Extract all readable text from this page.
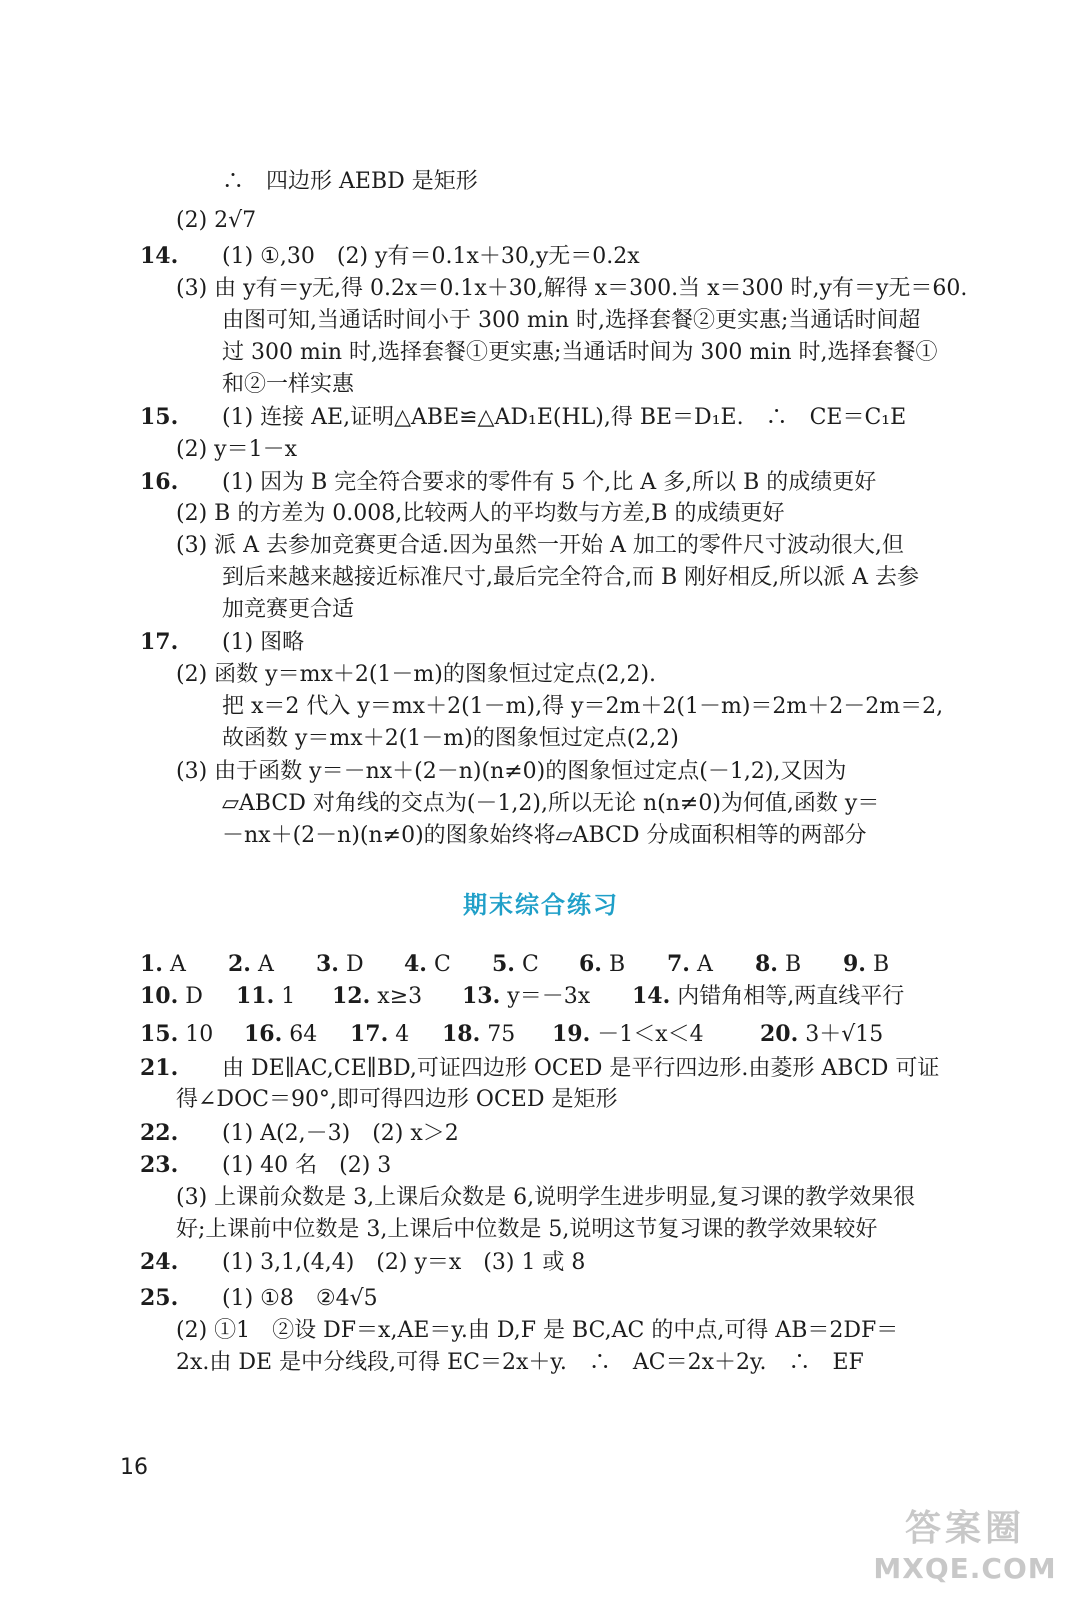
∴　四边形 AEBD 是矩形
(2) 2√7
14. (1) ①,30　(2) y有＝0.1x＋30,y无＝0.2x
(3) 由 y有＝y无,得 0.2x＝0.1x＋30,解得 x＝300.当 x＝300 时,y有＝y无＝60.
由图可知,当通话时间小于 300 min 时,选择套餐②更实惠;当通话时间超
过 300 min 时,选择套餐①更实惠;当通话时间为 300 min 时,选择套餐①
和②一样实惠
15. (1) 连接 AE,证明△ABE≌△AD₁E(HL),得 BE＝D₁E.　∴　CE＝C₁E
(2) y＝1－x
16. (1) 因为 B 完全符合要求的零件有 5 个,比 A 多,所以 B 的成绩更好
(2) B 的方差为 0.008,比较两人的平均数与方差,B 的成绩更好
(3) 派 A 去参加竞赛更合适.因为虽然一开始 A 加工的零件尺寸波动很大,但
到后来越来越接近标准尺寸,最后完全符合,而 B 刚好相反,所以派 A 去参
加竞赛更合适
17. (1) 图略
(2) 函数 y＝mx＋2(1－m)的图象恒过定点(2,2).
把 x＝2 代入 y＝mx＋2(1－m),得 y＝2m＋2(1－m)＝2m＋2－2m＝2,
故函数 y＝mx＋2(1－m)的图象恒过定点(2,2)
(3) 由于函数 y＝－nx＋(2－n)(n≠0)的图象恒过定点(－1,2),又因为
▱ABCD 对角线的交点为(－1,2),所以无论 n(n≠0)为何值,函数 y＝
－nx＋(2－n)(n≠0)的图象始终将▱ABCD 分成面积相等的两部分
期末综合练习
1. A 2. A 3. D 4. C 5. C 6. B 7. A 8. B 9. B
10. D 11. 1 12. x≥3 13. y＝－3x 14. 内错角相等,两直线平行
15. 10 16. 64 17. 4 18. 75 19. －1＜x＜4	20. 3＋√15
21. 由 DE∥AC,CE∥BD,可证四边形 OCED 是平行四边形.由菱形 ABCD 可证
得∠DOC＝90°,即可得四边形 OCED 是矩形
22. (1) A(2,－3)　(2) x＞2
23. (1) 40 名　(2) 3
(3) 上课前众数是 3,上课后众数是 6,说明学生进步明显,复习课的教学效果很
好;上课前中位数是 3,上课后中位数是 5,说明这节复习课的教学效果较好
24. (1) 3,1,(4,4)　(2) y＝x　(3) 1 或 8
25. (1) ①8　②4√5
(2) ①1　②设 DF＝x,AE＝y.由 D,F 是 BC,AC 的中点,可得 AB＝2DF＝
2x.由 DE 是中分线段,可得 EC＝2x＋y.　∴　AC＝2x＋2y.　∴　EF
16
答案圈
MXQE.COM
